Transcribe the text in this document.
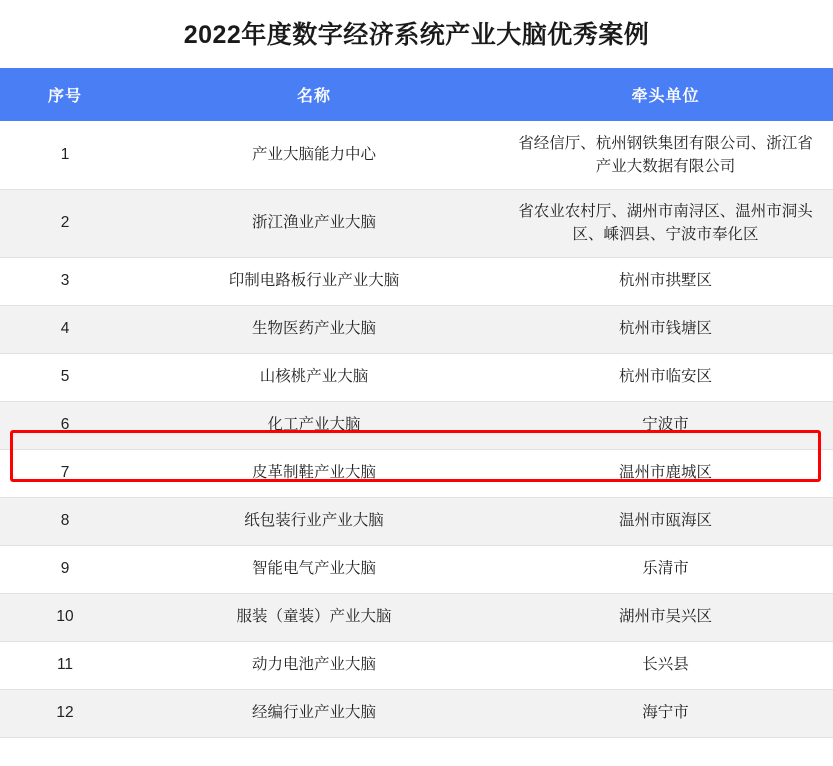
2022年度数字经济系统产业大脑优秀案例
序号	名称	牵头单位
1	产业大脑能力中心	省经信厅、杭州钢铁集团有限公司、浙江省产业大数据有限公司
2	浙江渔业产业大脑	省农业农村厅、湖州市南浔区、温州市洞头区、嵊泗县、宁波市奉化区
3	印制电路板行业产业大脑	杭州市拱墅区
4	生物医药产业大脑	杭州市钱塘区
5	山核桃产业大脑	杭州市临安区
6	化工产业大脑	宁波市
7	皮革制鞋产业大脑	温州市鹿城区
8	纸包装行业产业大脑	温州市瓯海区
9	智能电气产业大脑	乐清市
10	服装（童装）产业大脑	湖州市吴兴区
11	动力电池产业大脑	长兴县
12	经编行业产业大脑	海宁市
